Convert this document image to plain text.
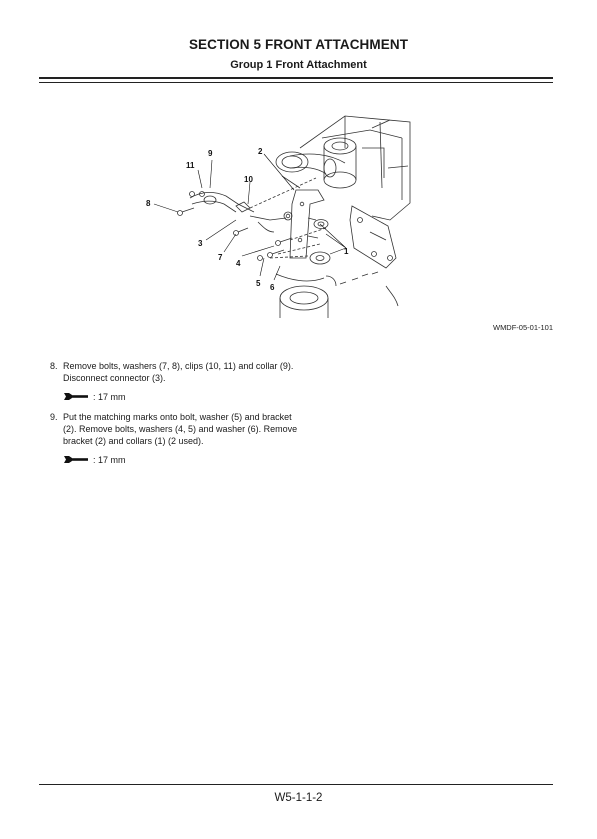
SECTION 5 FRONT ATTACHMENT
Group 1 Front Attachment
11
9	2
10
8
3
7
4
5 6
1
WMDF-05-01-101
8. Remove bolts, washers (7, 8), clips (10, 11) and collar (9). Disconnect connector (3).
: 17 mm
9. Put the matching marks onto bolt, washer (5) and bracket (2). Remove bolts, washers (4, 5) and washer (6). Remove bracket (2) and collars (1) (2 used).
: 17 mm
W5-1-1-2
